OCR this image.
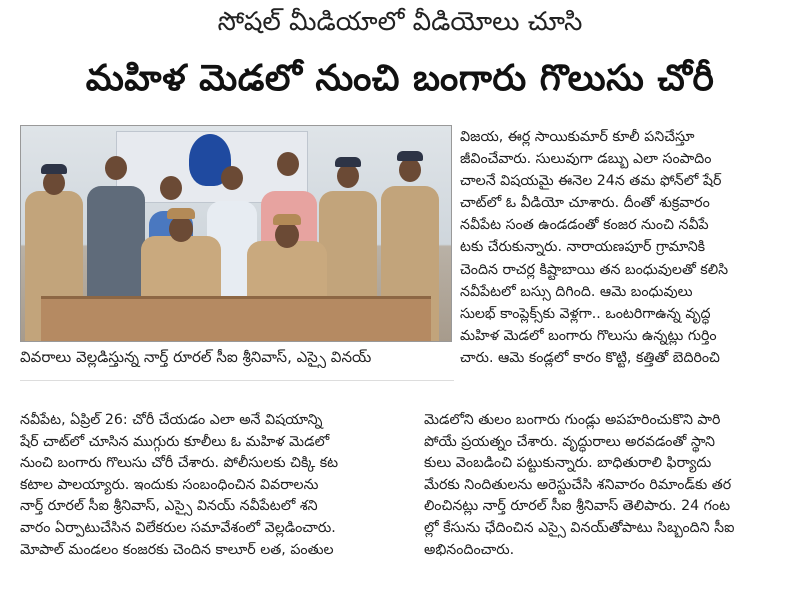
సోషల్ మీడియాలో వీడియోలు చూసి
మహిళ మెడలో నుంచి బంగారు గొలుసు చోరీ
వివరాలు వెల్లడిస్తున్న నార్త్ రూరల్ సీఐ శ్రీనివాస్, ఎస్సై వినయ్
విజయ, ఈర్ల సాయికుమార్ కూలీ పనిచేస్తూ
జీవించేవారు. సులువుగా డబ్బు ఎలా సంపాదిం
చాలనే విషయమై ఈనెల 24న తమ ఫోన్‌లో షేర్
చాట్‌లో ఓ వీడియో చూశారు. దీంతో శుక్రవారం
నవీపేట సంత ఉండడంతో కంజర నుంచి నవీపే
టకు చేరుకున్నారు. నారాయణపూర్ గ్రామానికి
చెందిన రాచర్ల కిష్టాబాయి తన బంధువులతో కలిసి
నవీపేటలో బస్సు దిగింది. ఆమె బంధువులు
సులభ్ కాంప్లెక్స్‌కు వెళ్లగా.. ఒంటరిగాఉన్న వృద్ధ
మహిళ మెడలో బంగారు గొలుసు ఉన్నట్లు గుర్తిం
చారు. ఆమె కండ్లలో కారం కొట్టి, కత్తితో బెదిరించి
నవీపేట, ఏప్రిల్ 26: చోరీ చేయడం ఎలా అనే విషయాన్ని
షేర్ చాట్‌లో చూసిన ముగ్గురు కూలీలు ఓ మహిళ మెడలో
నుంచి బంగారు గొలుసు చోరీ చేశారు. పోలీసులకు చిక్కి కట
కటాల పాలయ్యారు. ఇందుకు సంబంధించిన వివరాలను
నార్త్ రూరల్ సీఐ శ్రీనివాస్, ఎస్సై వినయ్ నవీపేటలో శని
వారం ఏర్పాటుచేసిన విలేకరుల సమావేశంలో వెల్లడించారు.
మోపాల్ మండలం కంజరకు చెందిన కాలూర్ లత, పంతుల
మెడలోని తులం బంగారు గుండ్లు అపహరించుకొని పారి
పోయే ప్రయత్నం చేశారు. వృద్ధురాలు అరవడంతో స్థాని
కులు వెంబడించి పట్టుకున్నారు. బాధితురాలి ఫిర్యాదు
మేరకు నిందితులను అరెస్టుచేసి శనివారం రిమాండ్‌కు తర
లించినట్లు నార్త్ రూరల్ సీఐ శ్రీనివాస్ తెలిపారు. 24 గంట
ల్లో కేసును ఛేదించిన ఎస్సై వినయ్‌తోపాటు సిబ్బందిని సీఐ
అభినందించారు.
